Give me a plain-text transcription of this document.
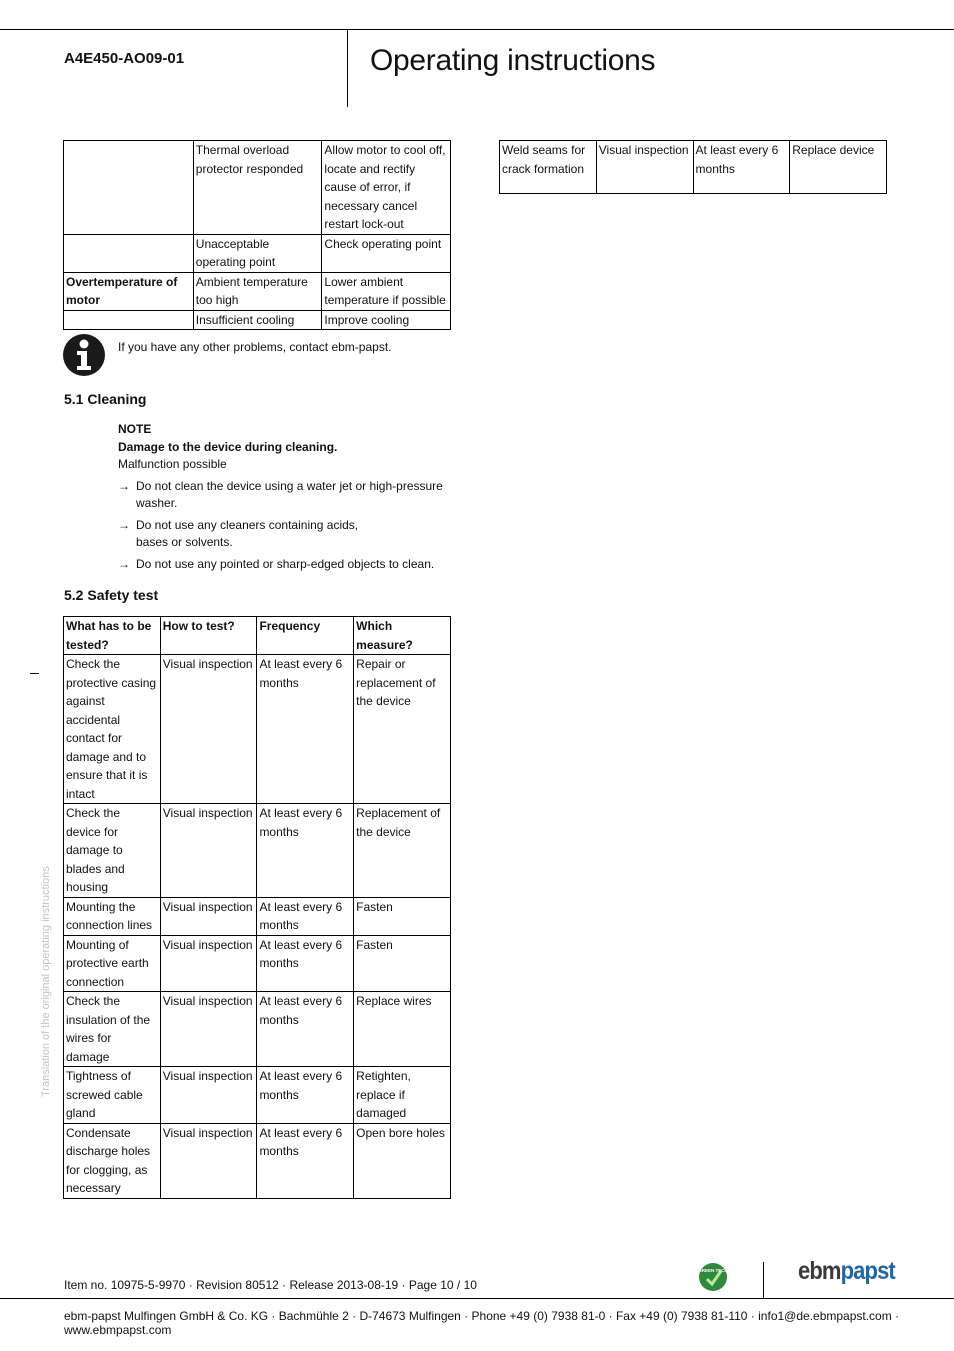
A4E450-AO09-01	Operating instructions
	Thermal overload protector responded	Allow motor to cool off, locate and rectify cause of error, if necessary cancel restart lock-out
	Unacceptable operating point	Check operating point
Overtemperature of motor	Ambient temperature too high	Lower ambient temperature if possible
	Insufficient cooling	Improve cooling
If you have any other problems, contact ebm-papst.
5.1 Cleaning
NOTE
Damage to the device during cleaning.
Malfunction possible
→ Do not clean the device using a water jet or high-pressure washer.
→ Do not use any cleaners containing acids, bases or solvents.
→ Do not use any pointed or sharp-edged objects to clean.
5.2 Safety test
What has to be tested?	How to test?	Frequency	Which measure?
Check the protective casing against accidental contact for damage and to ensure that it is intact	Visual inspection	At least every 6 months	Repair or replacement of the device
Check the device for damage to blades and housing	Visual inspection	At least every 6 months	Replacement of the device
Mounting the connection lines	Visual inspection	At least every 6 months	Fasten
Mounting of protective earth connection	Visual inspection	At least every 6 months	Fasten
Check the insulation of the wires for damage	Visual inspection	At least every 6 months	Replace wires
Tightness of screwed cable gland	Visual inspection	At least every 6 months	Retighten, replace if damaged
Condensate discharge holes for clogging, as necessary	Visual inspection	At least every 6 months	Open bore holes
Weld seams for crack formation	Visual inspection	At least every 6 months	Replace device
Translation of the original operating instructions
Item no. 10975-5-9970 · Revision 80512 · Release 2013-08-19 · Page 10 / 10
GREEN TECH	ebmpapst
ebm-papst Mulfingen GmbH & Co. KG · Bachmühle 2 · D-74673 Mulfingen · Phone +49 (0) 7938 81-0 · Fax +49 (0) 7938 81-110 · info1@de.ebmpapst.com · www.ebmpapst.com
